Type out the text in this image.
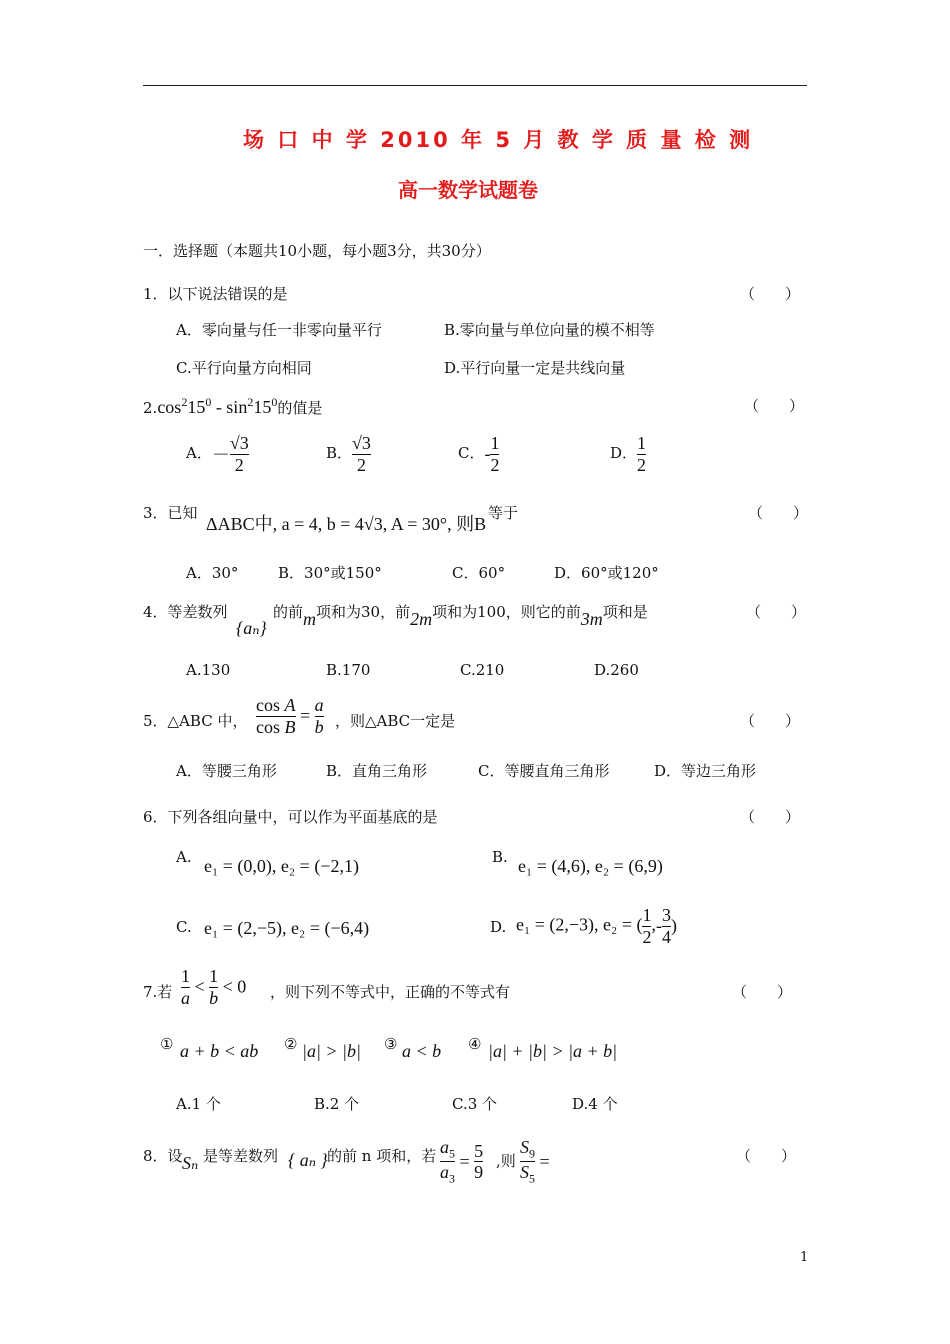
场 口 中 学 2010 年 5 月 教 学 质 量 检 测
高一数学试题卷
一．选择题（本题共10小题，每小题3分，共30分）
1．以下说法错误的是	（　　）
A．零向量与任一非零向量平行	B.零向量与单位向量的模不相等
C.平行向量方向相同	D.平行向量一定是共线向量
$2.\cos^215^0 - \sin^215^0$的值是	（　　）
A．－ $\frac{√3}{2}$	B． $\frac{√3}{2}$	C．- $\frac{1}{2}$	D． $\frac{1}{2}$
3．已知
ΔABC中, a = 4, b = 4√3, A = 30°, 则B
等于	（　　）
A．30°	B．30°或150°	C．60°	D．60°或120°
4．等差数列
{aₙ}
的前m项和为30，前2m项和为100，则它的前3m项和是	（　　）
A.130	B.170	C.210	D.260
5．△ABC 中， $\frac{\text{cos A}}{\text{cos B}} = \frac{a}{b}$ ，则△ABC一定是	（　　）
A．等腰三角形	B．直角三角形	C．等腰直角三角形	D．等边三角形
6．下列各组向量中，可以作为平面基底的是	（　　）
A. e₁ = (0,0), e₂ = (−2,1)	B. e₁ = (4,6), e₂ = (6,9)
C. e₁ = (2,−5), e₂ = (−6,4)	D. e₁ = (2,−3), e₂ = ( $\frac{1}{2}$ ,- $\frac{3}{4}$ )
7.若 $\frac{1}{a} < \frac{1}{b} < 0$ ，则下列不等式中，正确的不等式有	（　　）
① a + b < ab ② |a| > |b| ③ a < b ④ |a| + |b| > |a + b|
A.1 个	B.2 个	C.3 个	D.4 个
8．设 Sₙ 是等差数列 { aₙ } 的前 n 项和，若 $\frac{a_5}{a_3} = \frac{5}{9}$ ,则 $\frac{S_9}{S_5}$ =	（　　）
1
